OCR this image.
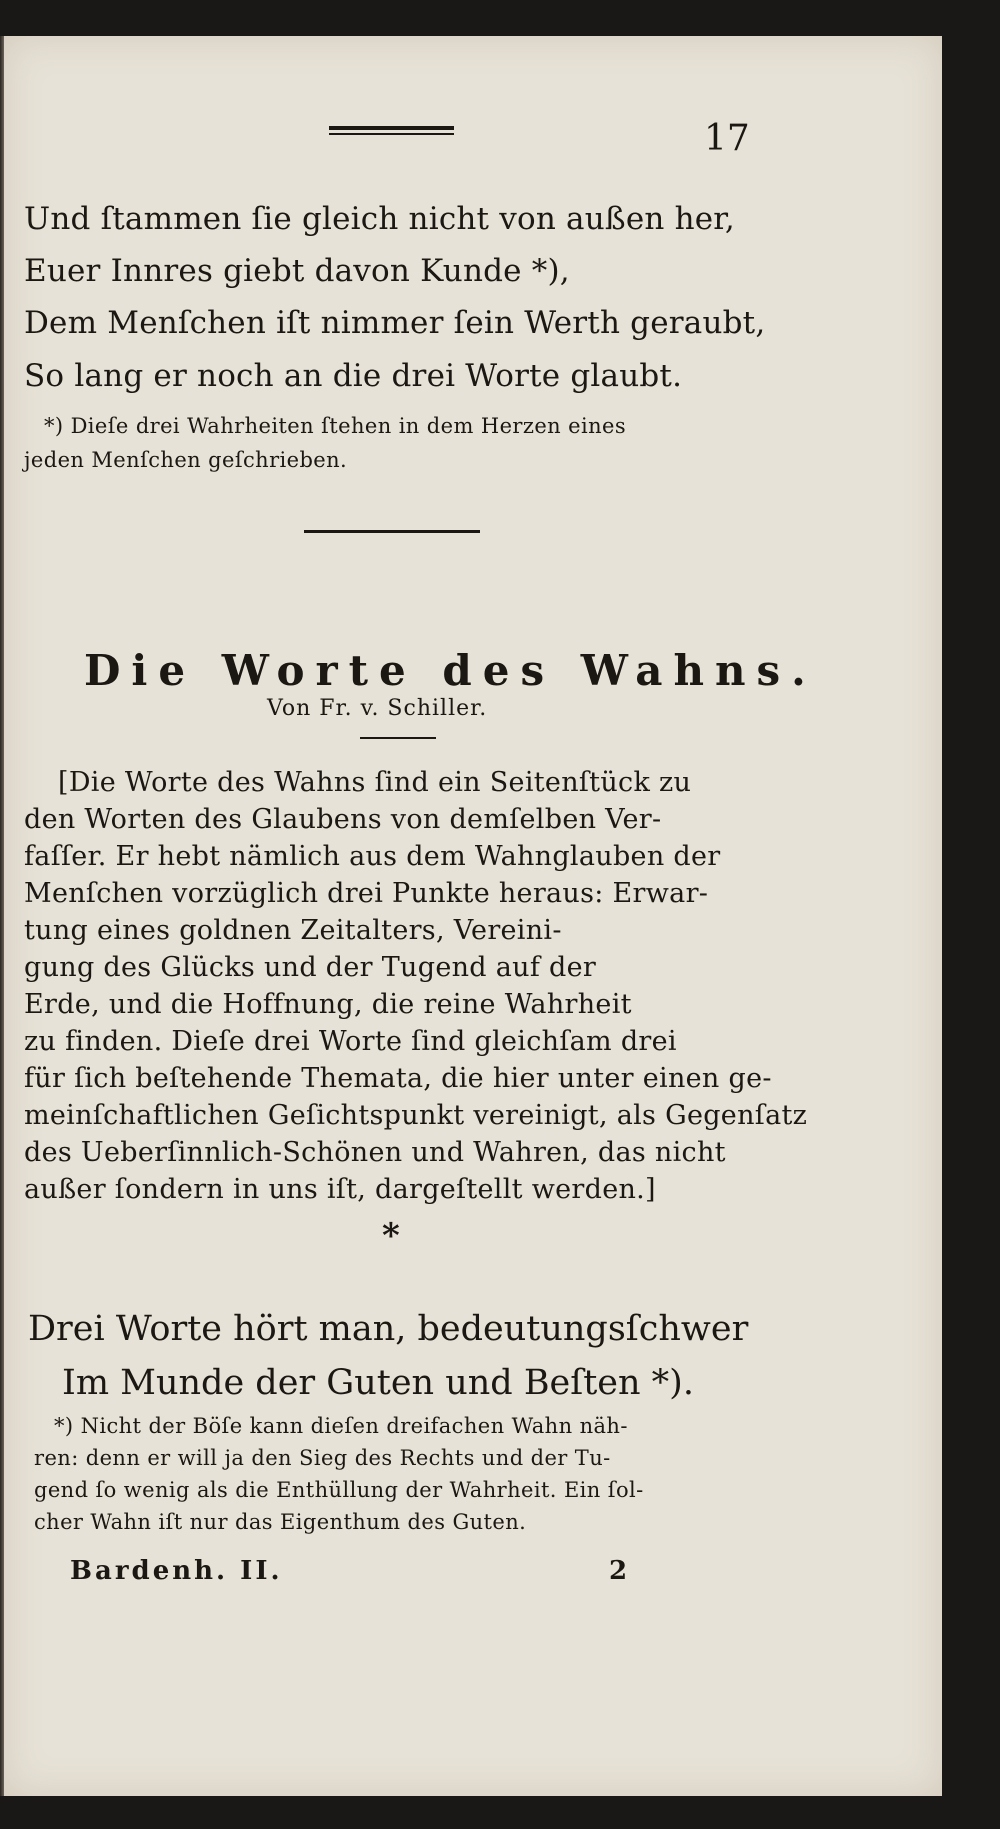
17
Und ſtammen ſie gleich nicht von außen her,
Euer Innres giebt davon Kunde *),
Dem Menſchen iſt nimmer ſein Werth geraubt,
So lang er noch an die drei Worte glaubt.
*) Dieſe drei Wahrheiten ſtehen in dem Herzen eines
jeden Menſchen geſchrieben.
Die Worte des Wahns.
Von Fr. v. Schiller.
[Die Worte des Wahns ſind ein Seitenſtück zu
den Worten des Glaubens von demſelben Ver-
faſſer. Er hebt nämlich aus dem Wahnglauben der
Menſchen vorzüglich drei Punkte heraus: Erwar-
tung eines goldnen Zeitalters, Vereini-
gung des Glücks und der Tugend auf der
Erde, und die Hoffnung, die reine Wahrheit
zu finden. Dieſe drei Worte ſind gleichſam drei
für ſich beſtehende Themata, die hier unter einen ge-
meinſchaftlichen Geſichtspunkt vereinigt, als Gegenſatz
des Ueberſinnlich-Schönen und Wahren, das nicht
außer ſondern in uns iſt, dargeſtellt werden.]
*
Drei Worte hört man, bedeutungsſchwer
Im Munde der Guten und Beſten *).
*) Nicht der Böſe kann dieſen dreifachen Wahn näh-
ren: denn er will ja den Sieg des Rechts und der Tu-
gend ſo wenig als die Enthüllung der Wahrheit. Ein ſol-
cher Wahn iſt nur das Eigenthum des Guten.
Bardenh. II.	2
